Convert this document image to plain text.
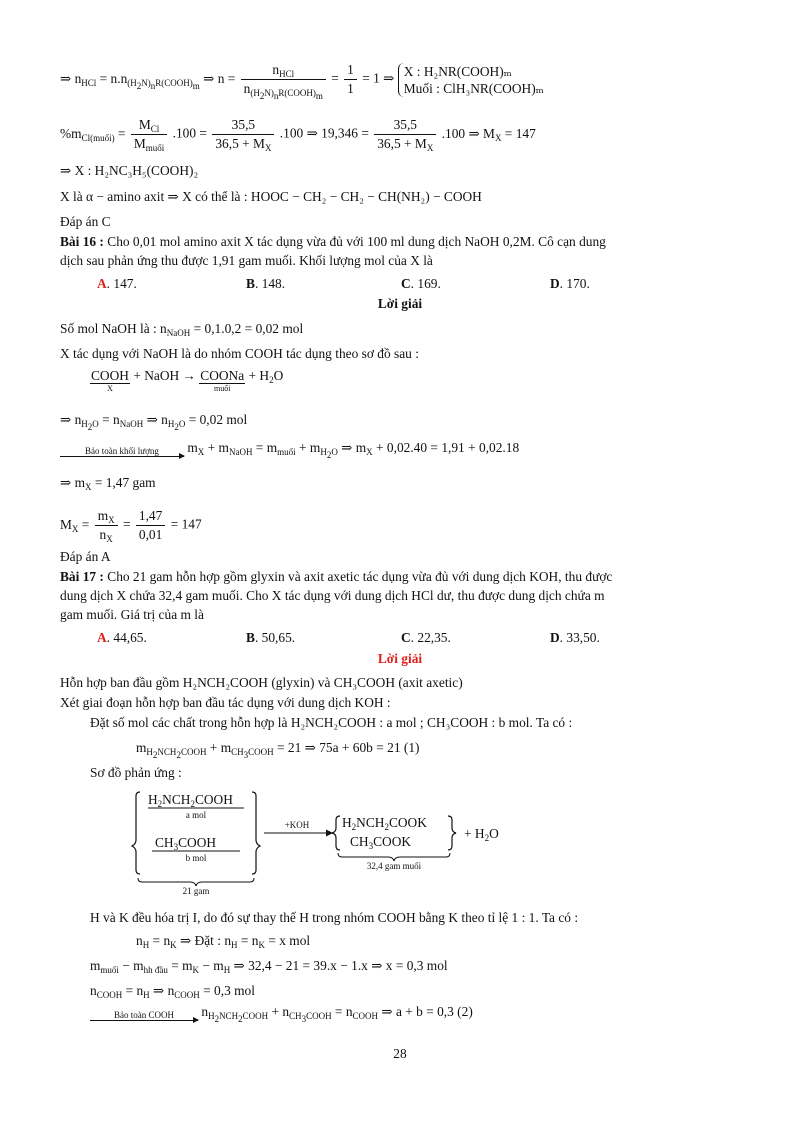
⇒ $n_{HCl} = n.n_{(H_2N)_nR(COOH)_m}$ ⇒ $n = \frac{n_{HCl}}{n_{(H_2N)_nR(COOH)_m}} = \frac{1}{1} = 1$ ⇒ X : H₂NR(COOH)ₘ
Muối : ClH₃NR(COOH)ₘ
$\%m_{Cl(muối)} = \frac{M_{Cl}}{M_{muối}} .100 = \frac{35,5}{36,5 + M_X} .100$ ⇒ $19,346 = \frac{35,5}{36,5 + M_X} .100$ ⇒ $M_X = 147$
⇒ X : H₂NC₃H₅(COOH)₂
X là α − amino axit ⇒ X có thể là : HOOC − CH₂ − CH₂ − CH(NH₂) − COOH
Đáp án C
Bài 16 : Cho 0,01 mol amino axit X tác dụng vừa đủ với 100 ml dung dịch NaOH 0,2M. Cô cạn dung
dịch sau phản ứng thu được 1,91 gam muối. Khối lượng mol của X là
A. 147.	B. 148.	C. 169.	D. 170.
Lời giải
Số mol NaOH là : $n_{NaOH} = 0,1.0,2 = 0,02$ mol
X tác dụng với NaOH là do nhóm COOH tác dụng theo sơ đồ sau :
COOH
X
+ NaOH → COONa
muối
+ $H_2O$
⇒ $n_{H_2O} = n_{NaOH}$ ⇒ $n_{H_2O} = 0,02$ mol
Bảo toàn khối lượng	$m_X + m_{NaOH} = m_{muối} + m_{H_2O}$ ⇒ $m_X + 0,02.40 = 1,91 + 0,02.18$
⇒ $m_X = 1,47$ gam
$M_X = \frac{m_X}{n_X} = \frac{1,47}{0,01} = 147$
Đáp án A
Bài 17 : Cho 21 gam hỗn hợp gồm glyxin và axit axetic tác dụng vừa đủ với dung dịch KOH, thu được
dung dịch X chứa 32,4 gam muối. Cho X tác dụng với dung dịch HCl dư, thu được dung dịch chứa m
gam muối. Giá trị của m là
A. 44,65.	B. 50,65.	C. 22,35.	D. 33,50.
Lời giải
Hỗn hợp ban đầu gồm H₂NCH₂COOH (glyxin) và CH₃COOH (axit axetic)
Xét giai đoạn hỗn hợp ban đầu tác dụng với dung dịch KOH :
Đặt số mol các chất trong hỗn hợp là H₂NCH₂COOH : a mol ; CH₃COOH : b mol. Ta có :
$m_{H_2NCH_2COOH} + m_{CH_3COOH} = 21$ ⇒ 75a + 60b = 21 (1)
Sơ đồ phản ứng :
$H_2NCH_2COOH$
a mol
$CH_3COOH$
b mol
21 gam
+KOH	$H_2NCH_2COOK$
$CH_3COOK$
32,4 gam muối
+ $H_2O$
H và K đều hóa trị I, do đó sự thay thế H trong nhóm COOH bằng K theo tỉ lệ 1 : 1. Ta có :
$n_H = n_K$ ⇒ Đặt : $n_H = n_K = x$ mol
$m_{muối} - m_{hh đầu} = m_K - m_H$ ⇒ 32,4 − 21 = 39.x − 1.x ⇒ x = 0,3 mol
$n_{COOH} = n_H$ ⇒ $n_{COOH} = 0,3$ mol
Bảo toàn COOH	$n_{H_2NCH_2COOH} + n_{CH_3COOH} = n_{COOH}$ ⇒ a + b = 0,3 (2)
28
